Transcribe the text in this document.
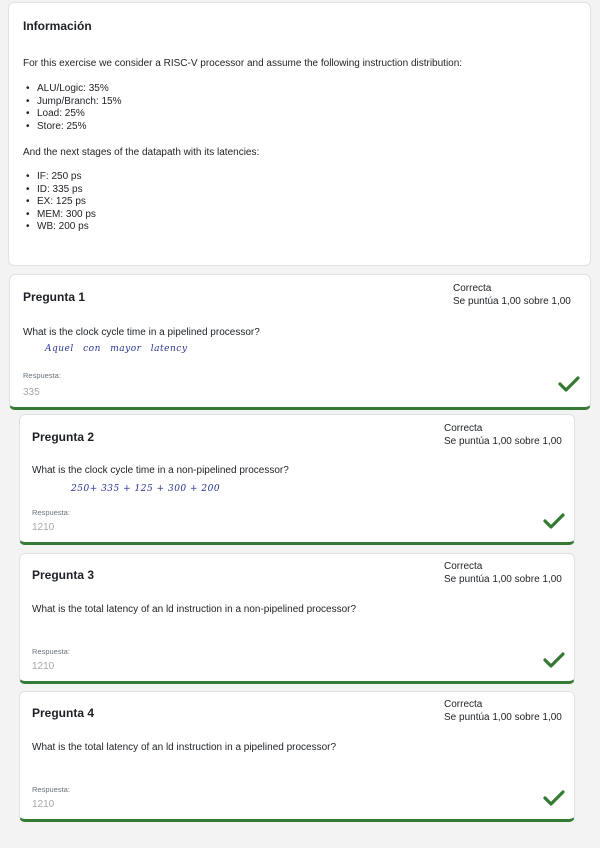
Información
For this exercise we consider a RISC-V processor and assume the following instruction distribution:
• ALU/Logic: 35%
• Jump/Branch: 15%
• Load: 25%
• Store: 25%
And the next stages of the datapath with its latencies:
• IF: 250 ps
• ID: 335 ps
• EX: 125 ps
• MEM: 300 ps
• WB: 200 ps
Pregunta 1
Correcta
Se puntúa 1,00 sobre 1,00
What is the clock cycle time in a pipelined processor?
Aquel con mayor latency
Respuesta:
335
Pregunta 2
Correcta
Se puntúa 1,00 sobre 1,00
What is the clock cycle time in a non-pipelined processor?
250+ 335 + 125 + 300 + 200
Respuesta:
1210
Pregunta 3
Correcta
Se puntúa 1,00 sobre 1,00
What is the total latency of an ld instruction in a non-pipelined processor?
Respuesta:
1210
Pregunta 4
Correcta
Se puntúa 1,00 sobre 1,00
What is the total latency of an ld instruction in a pipelined processor?
Respuesta:
1210
